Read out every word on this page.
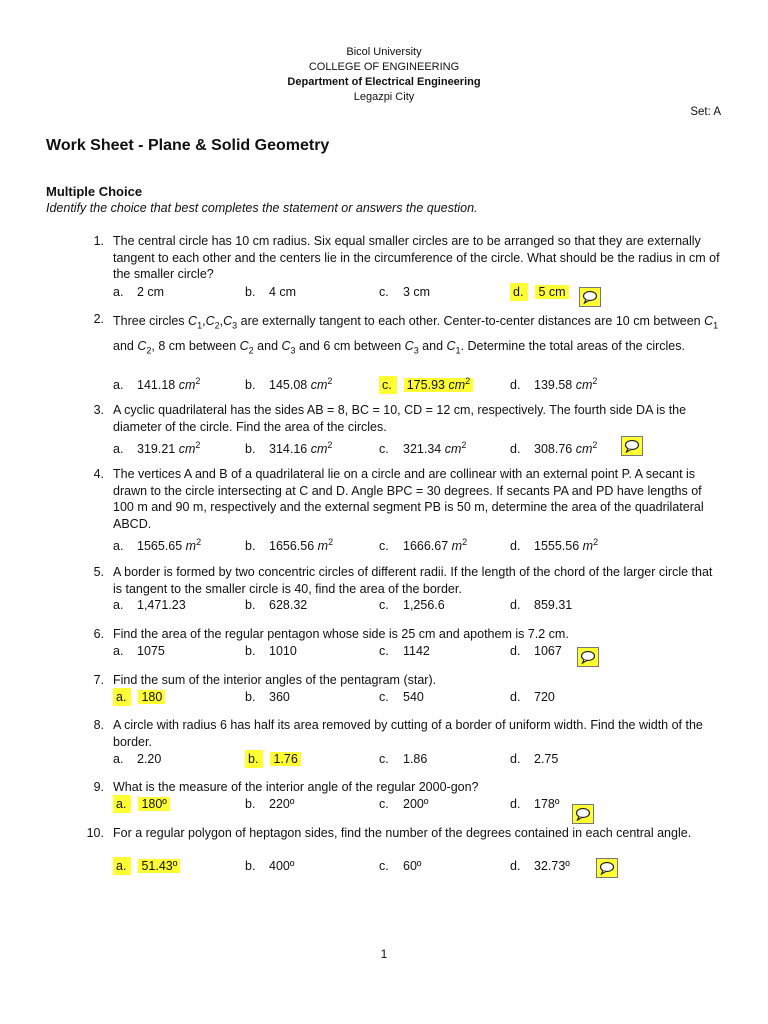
Bicol University
COLLEGE OF ENGINEERING
Department of Electrical Engineering
Legazpi City
Set: A
Work Sheet - Plane & Solid Geometry
Multiple Choice
Identify the choice that best completes the statement or answers the question.
1. The central circle has 10 cm radius. Six equal smaller circles are to be arranged so that they are externally tangent to each other and the centers lie in the circumference of the circle. What should be the radius in cm of the smaller circle?
a. 2 cm	b. 4 cm	c. 3 cm	d. 5 cm
2. Three circles $C_1,C_2,C_3$ are externally tangent to each other. Center-to-center distances are 10 cm between $C_1$ and $C_2$, 8 cm between $C_2$ and $C_3$ and 6 cm between $C_3$ and $C_1$. Determine the total areas of the circles.
a. 141.18 $cm^2$	b. 145.08 $cm^2$	c. 175.93 $cm^2$	d. 139.58 $cm^2$
3. A cyclic quadrilateral has the sides AB = 8, BC = 10, CD = 12 cm, respectively. The fourth side DA is the diameter of the circle. Find the area of the circles.
a. 319.21 $cm^2$	b. 314.16 $cm^2$	c. 321.34 $cm^2$	d. 308.76 $cm^2$
4. The vertices A and B of a quadrilateral lie on a circle and are collinear with an external point P. A secant is drawn to the circle intersecting at C and D. Angle BPC = 30 degrees. If secants PA and PD have lengths of 100 m and 90 m, respectively and the external segment PB is 50 m, determine the area of the quadrilateral ABCD.
a. 1565.65 $m^2$	b. 1656.56 $m^2$	c. 1666.67 $m^2$	d. 1555.56 $m^2$
5. A border is formed by two concentric circles of different radii. If the length of the chord of the larger circle that is tangent to the smaller circle is 40, find the area of the border.
a. 1,471.23	b. 628.32	c. 1,256.6	d. 859.31
6. Find the area of the regular pentagon whose side is 25 cm and apothem is 7.2 cm.
a. 1075	b. 1010	c. 1142	d. 1067
7. Find the sum of the interior angles of the pentagram (star).
a. 180	b. 360	c. 540	d. 720
8. A circle with radius 6 has half its area removed by cutting of a border of uniform width. Find the width of the border.
a. 2.20	b. 1.76	c. 1.86	d. 2.75
9. What is the measure of the interior angle of the regular 2000-gon?
a. 180º	b. 220º	c. 200º	d. 178º
10. For a regular polygon of heptagon sides, find the number of the degrees contained in each central angle.
a. 51.43º	b. 400º	c. 60º	d. 32.73º
1
